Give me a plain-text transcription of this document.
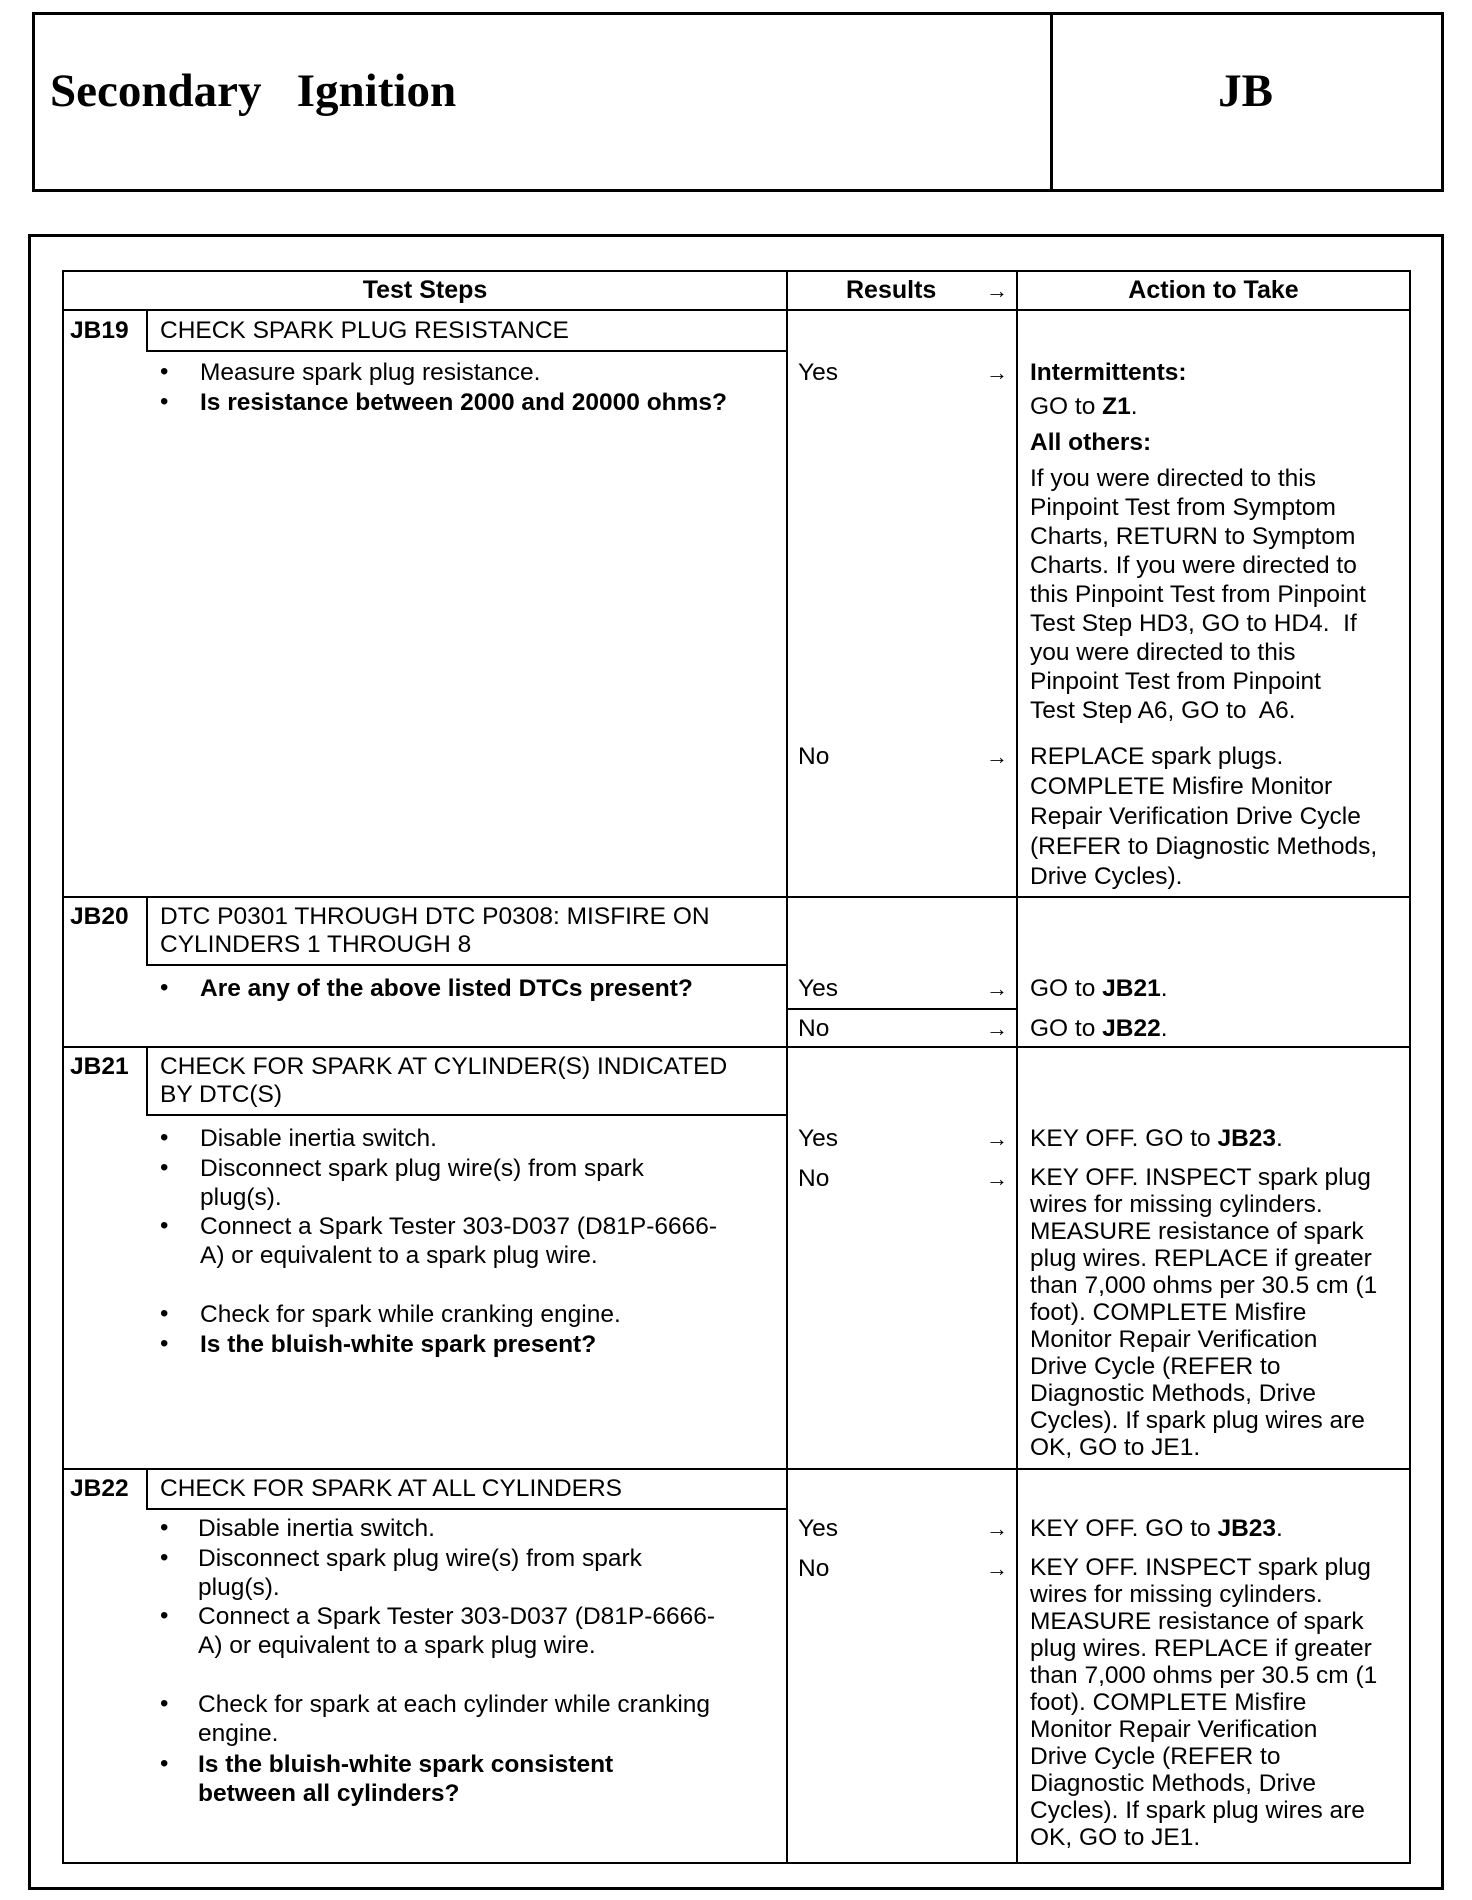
Secondary   Ignition	JB
Test Steps	Results →	Action to Take
JB19 CHECK SPARK PLUG RESISTANCE
• Measure spark plug resistance.
• Is resistance between 2000 and 20000 ohms?
Yes	→ Intermittents:
GO to Z1.
All others:
If you were directed to this
Pinpoint Test from Symptom
Charts, RETURN to Symptom
Charts. If you were directed to
this Pinpoint Test from Pinpoint
Test Step HD3, GO to HD4.  If
you were directed to this
Pinpoint Test from Pinpoint
Test Step A6, GO to  A6.
No	→ REPLACE spark plugs.
COMPLETE Misfire Monitor
Repair Verification Drive Cycle
(REFER to Diagnostic Methods,
Drive Cycles).
JB20 DTC P0301 THROUGH DTC P0308: MISFIRE ON
CYLINDERS 1 THROUGH 8
• Are any of the above listed DTCs present?	Yes	→ GO to JB21.
No	→ GO to JB22.
JB21 CHECK FOR SPARK AT CYLINDER(S) INDICATED
BY DTC(S)
• Disable inertia switch.
• Disconnect spark plug wire(s) from spark plug(s).
• Connect a Spark Tester 303-D037 (D81P-6666-A) or equivalent to a spark plug wire.
• Check for spark while cranking engine.
• Is the bluish-white spark present?
Yes	→ KEY OFF. GO to JB23.
No	→ KEY OFF. INSPECT spark plug
wires for missing cylinders.
MEASURE resistance of spark
plug wires. REPLACE if greater
than 7,000 ohms per 30.5 cm (1
foot). COMPLETE Misfire
Monitor Repair Verification
Drive Cycle (REFER to
Diagnostic Methods, Drive
Cycles). If spark plug wires are
OK, GO to JE1.
JB22 CHECK FOR SPARK AT ALL CYLINDERS
• Disable inertia switch.
• Disconnect spark plug wire(s) from spark plug(s).
• Connect a Spark Tester 303-D037 (D81P-6666-A) or equivalent to a spark plug wire.
• Check for spark at each cylinder while cranking engine.
• Is the bluish-white spark consistent between all cylinders?
Yes	→ KEY OFF. GO to JB23.
No	→ KEY OFF. INSPECT spark plug
wires for missing cylinders.
MEASURE resistance of spark
plug wires. REPLACE if greater
than 7,000 ohms per 30.5 cm (1
foot). COMPLETE Misfire
Monitor Repair Verification
Drive Cycle (REFER to
Diagnostic Methods, Drive
Cycles). If spark plug wires are
OK, GO to JE1.
